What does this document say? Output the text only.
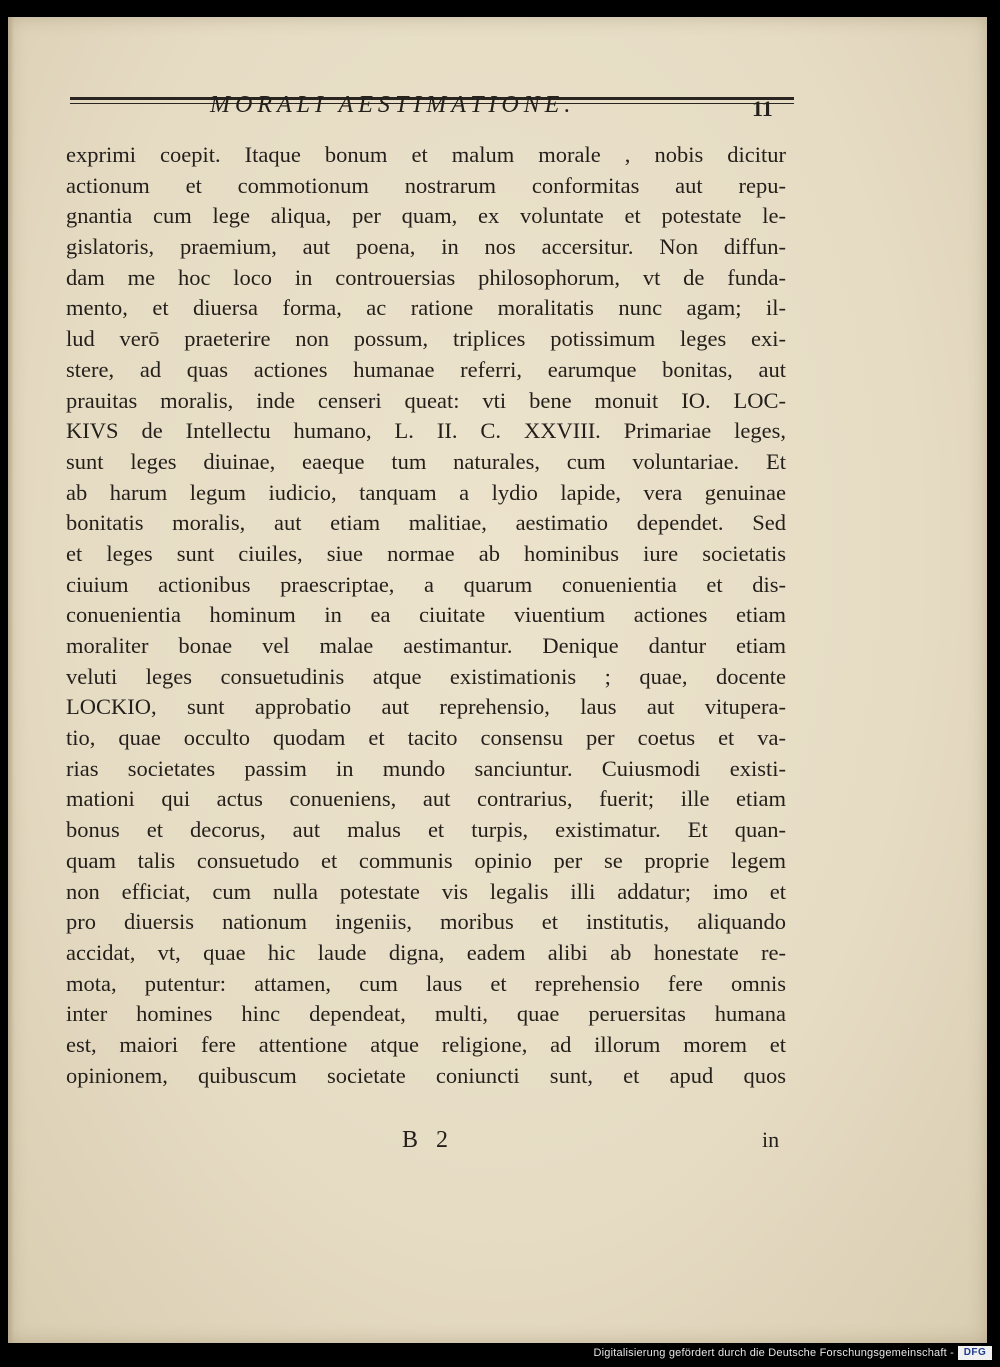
MORALI AESTIMATIONE.	11
exprimi coepit. Itaque bonum et malum morale , nobis dicitur
actionum et commotionum nostrarum conformitas aut repu-
gnantia cum lege aliqua, per quam, ex voluntate et potestate le-
gislatoris, praemium, aut poena, in nos accersitur. Non diffun-
dam me hoc loco in controuersias philosophorum, vt de funda-
mento, et diuersa forma, ac ratione moralitatis nunc agam; il-
lud verō praeterire non possum, triplices potissimum leges exi-
stere, ad quas actiones humanae referri, earumque bonitas, aut
prauitas moralis, inde censeri queat: vti bene monuit IO. LOC-
KIVS de Intellectu humano, L. II. C. XXVIII. Primariae leges,
sunt leges diuinae, eaeque tum naturales, cum voluntariae. Et
ab harum legum iudicio, tanquam a lydio lapide, vera genuinae
bonitatis moralis, aut etiam malitiae, aestimatio dependet. Sed
et leges sunt ciuiles, siue normae ab hominibus iure societatis
ciuium actionibus praescriptae, a quarum conuenientia et dis-
conuenientia hominum in ea ciuitate viuentium actiones etiam
moraliter bonae vel malae aestimantur. Denique dantur etiam
veluti leges consuetudinis atque existimationis ; quae, docente
LOCKIO, sunt approbatio aut reprehensio, laus aut vitupera-
tio, quae occulto quodam et tacito consensu per coetus et va-
rias societates passim in mundo sanciuntur. Cuiusmodi existi-
mationi qui actus conueniens, aut contrarius, fuerit; ille etiam
bonus et decorus, aut malus et turpis, existimatur. Et quan-
quam talis consuetudo et communis opinio per se proprie legem
non efficiat, cum nulla potestate vis legalis illi addatur; imo et
pro diuersis nationum ingeniis, moribus et institutis, aliquando
accidat, vt, quae hic laude digna, eadem alibi ab honestate re-
mota, putentur: attamen, cum laus et reprehensio fere omnis
inter homines hinc dependeat, multi, quae peruersitas humana
est, maiori fere attentione atque religione, ad illorum morem et
opinionem, quibuscum societate coniuncti sunt, et apud quos
B 2	in
Digitalisierung gefördert durch die Deutsche Forschungsgemeinschaft - DFG
